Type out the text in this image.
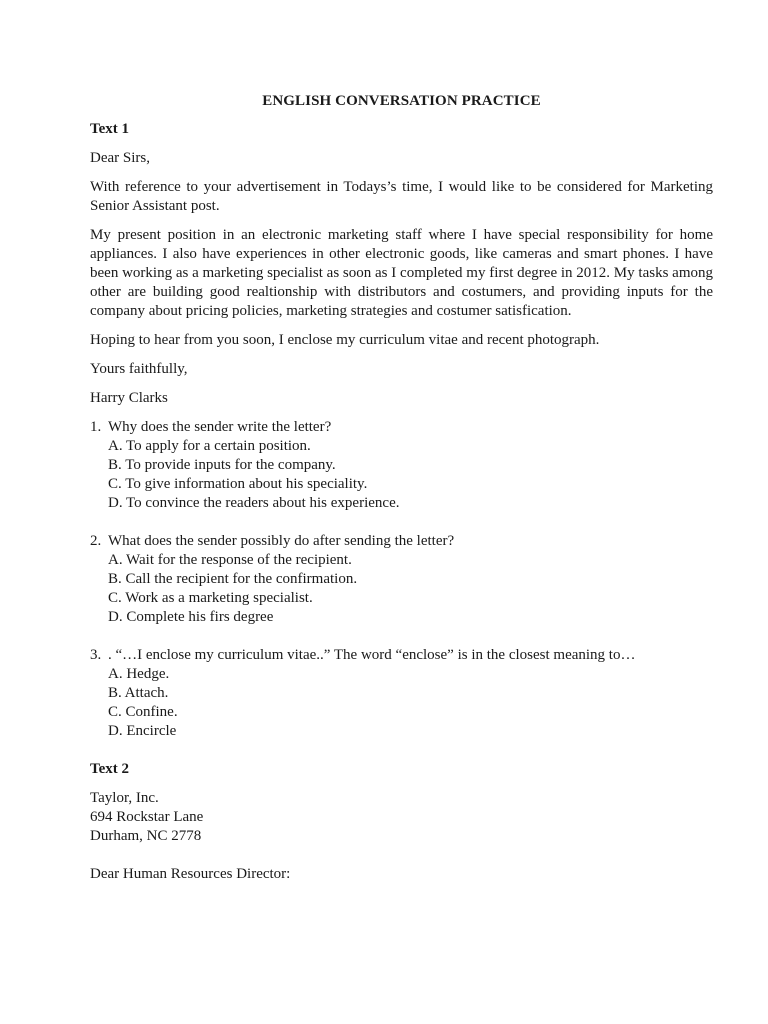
ENGLISH CONVERSATION PRACTICE
Text 1

Dear Sirs,

With reference to your advertisement in Todays’s time, I would like to be considered for Marketing Senior Assistant post.

My present position in an electronic marketing staff where I have special responsibility for home appliances. I also have experiences in other electronic goods, like cameras and smart phones. I have been working as a marketing specialist as soon as I completed my first degree in 2012. My tasks among other are building good realtionship with distributors and costumers, and providing inputs for the company about pricing policies, marketing strategies and costumer satisfication.

Hoping to hear from you soon, I enclose my curriculum vitae and recent photograph.

Yours faithfully,

Harry Clarks

1. Why does the sender write the letter?
A. To apply for a certain position.
B. To provide inputs for the company.
C. To give information about his speciality.
D. To convince the readers about his experience.
2. What does the sender possibly do after sending the letter?
A. Wait for the response of the recipient.
B. Call the recipient for the confirmation.
C. Work as a marketing specialist.
D. Complete his firs degree
3. . “…I enclose my curriculum vitae..” The word “enclose” is in the closest meaning to…
A. Hedge.
B. Attach.
C. Confine.
D. Encircle
Text 2
Taylor, Inc.
694 Rockstar Lane
Durham, NC 2778

Dear Human Resources Director:
